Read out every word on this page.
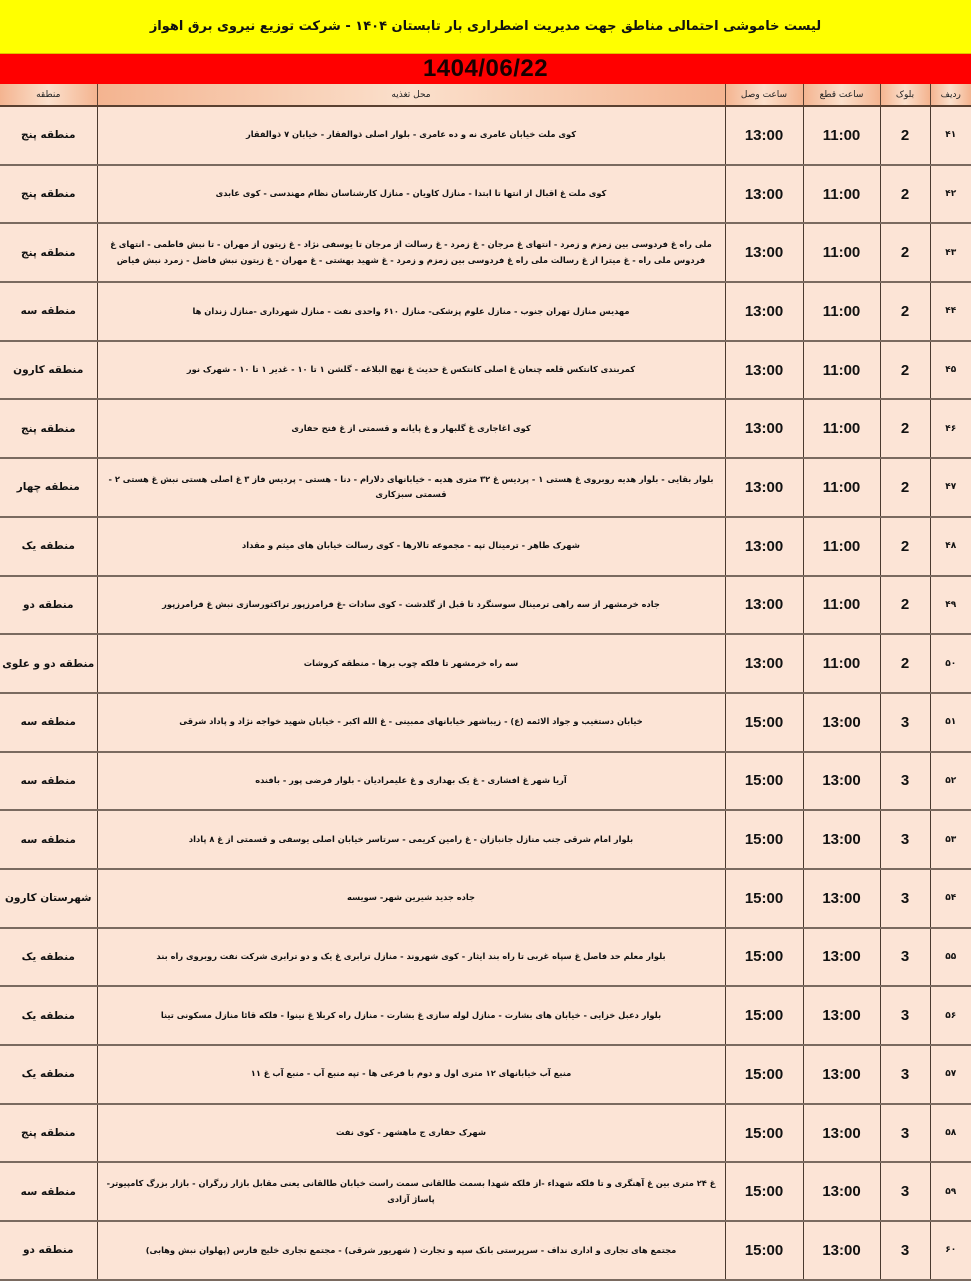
لیست خاموشی احتمالی مناطق جهت مدیریت اضطراری بار تابستان ۱۴۰۴ - شرکت توزیع نیروی برق اهواز
1404/06/22
منطقه	محل تغذیه	ساعت وصل	ساعت قطع	بلوک	ردیف
منطقه پنج	کوی ملت خیابان عامری نه و ده عامری - بلوار اصلی ذوالفقار - خیابان ۷ ذوالفقار	13:00	11:00	2	۴۱
منطقه پنج	کوی ملت غ اقبال از انتها تا ابتدا - منازل کاویان - منازل کارشناسان نظام مهندسی - کوی عابدی	13:00	11:00	2	۴۲
منطقه پنج	ملی راه غ فردوسی بین زمزم و زمرد - انتهای غ مرجان - غ زمرد - غ رسالت از مرجان تا یوسفی نژاد - غ زیتون از مهران - تا نبش فاطمی - انتهای غ فردوس ملی راه - غ میترا از غ رسالت ملی راه غ فردوسی بین زمزم و زمرد - غ شهید بهشتی - غ مهران - غ زیتون نبش فاضل - زمرد نبش فیاض	13:00	11:00	2	۴۳
منطقه سه	مهدیس منازل تهران جنوب - منازل علوم پزشکی- منازل ۶۱۰ واحدی نفت - منازل شهرداری -منازل زندان ها	13:00	11:00	2	۴۴
منطقه کارون	کمربندی کانتکس قلعه چنعان غ اصلی کانتکس غ حدیث غ نهج البلاغه - گلشن ۱ تا ۱۰ - غدیر ۱ تا ۱۰ - شهرک نور	13:00	11:00	2	۴۵
منطقه پنج	کوی اغاجاری غ گلبهار و غ پایانه و قسمتی از غ فتح حفاری	13:00	11:00	2	۴۶
منطقه چهار	بلوار بقایی - بلوار هدیه روبروی غ هستی ۱ - پردیس غ ۳۲ متری هدیه - خیابانهای دلارام - دنا - هستی - پردیس فاز ۳ غ اصلی هستی نبش غ هستی ۲ - قسمتی سبزکاری	13:00	11:00	2	۴۷
منطقه یک	شهرک طاهر - ترمینال تپه - مجموعه تالارها - کوی رسالت خیابان های میثم و مقداد	13:00	11:00	2	۴۸
منطقه دو	جاده خرمشهر از سه راهی ترمینال سوسنگرد تا قبل از گلدشت - کوی سادات -غ فرامرزپور تراکتورسازی نبش غ فرامرزپور	13:00	11:00	2	۴۹
منطقه دو و علوی	سه راه خرمشهر تا فلکه چوب برها - منطقه کروشات	13:00	11:00	2	۵۰
منطقه سه	خیابان دستغیب و جواد الائمه (ع) - زیباشهر خیابانهای ممبینی - غ الله اکبر - خیابان شهید خواجه نژاد و پاداد شرقی	15:00	13:00	3	۵۱
منطقه سه	آریا شهر غ افشاری - غ یک بهداری و غ علیمرادیان - بلوار فرضی پور - بافنده	15:00	13:00	3	۵۲
منطقه سه	بلوار امام شرقی جنب منازل جانبازان - غ رامین کریمی - سرتاسر خیابان اصلی یوسفی و قسمتی از غ ۸ پاداد	15:00	13:00	3	۵۳
شهرستان کارون	جاده جدید شیرین شهر- سویسه	15:00	13:00	3	۵۴
منطقه یک	بلوار معلم حد فاصل غ سپاه غربی تا راه بند ایثار - کوی شهروند - منازل ترابری غ یک و دو ترابری شرکت نفت روبروی راه بند	15:00	13:00	3	۵۵
منطقه یک	بلوار دعبل خزایی - خیابان های بشارت - منازل لوله سازی غ بشارت - منازل راه کربلا غ نینوا - فلکه قائا منازل مسکونی تینا	15:00	13:00	3	۵۶
منطقه یک	منبع آب خیابانهای ۱۲ متری اول و دوم با فرعی ها - تپه منبع آب - منبع آب غ ۱۱	15:00	13:00	3	۵۷
منطقه پنج	شهرک حفاری ج ماهشهر - کوی نفت	15:00	13:00	3	۵۸
منطقه سه	غ ۲۴ متری بین غ آهنگری و تا فلکه شهداء -از فلکه شهدا بسمت طالقانی سمت راست خیابان طالقانی یعنی مقابل بازار زرگران - بازار بزرگ کامپیوتر- پاساژ آزادی	15:00	13:00	3	۵۹
منطقه دو	مجتمع های تجاری و اداری نداف - سرپرستی بانک سپه و تجارت ( شهریور شرقی) - مجتمع تجاری خلیج فارس (پهلوان نبش وهابی)	15:00	13:00	3	۶۰
